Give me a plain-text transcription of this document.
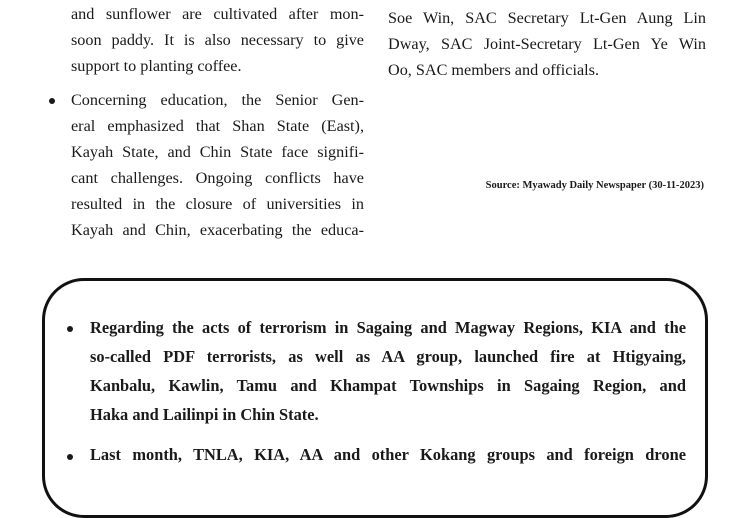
and sunflower are cultivated after mon-
soon paddy. It is also necessary to give
support to planting coffee.
Concerning education, the Senior Gen-
eral emphasized that Shan State (East),
Kayah State, and Chin State face signifi-
cant challenges. Ongoing conflicts have
resulted in the closure of universities in
Kayah and Chin, exacerbating the educa-
Soe Win, SAC Secretary Lt-Gen Aung Lin
Dway, SAC Joint-Secretary Lt-Gen Ye Win
Oo, SAC members and officials.
Source: Myawady Daily Newspaper (30-11-2023)
Regarding the acts of terrorism in Sagaing and Magway Regions, KIA and the
so-called PDF terrorists, as well as AA group, launched fire at Htigyaing,
Kanbalu, Kawlin, Tamu and Khampat Townships in Sagaing Region, and
Haka and Lailinpi in Chin State.
Last month, TNLA, KIA, AA and other Kokang groups and foreign drone
